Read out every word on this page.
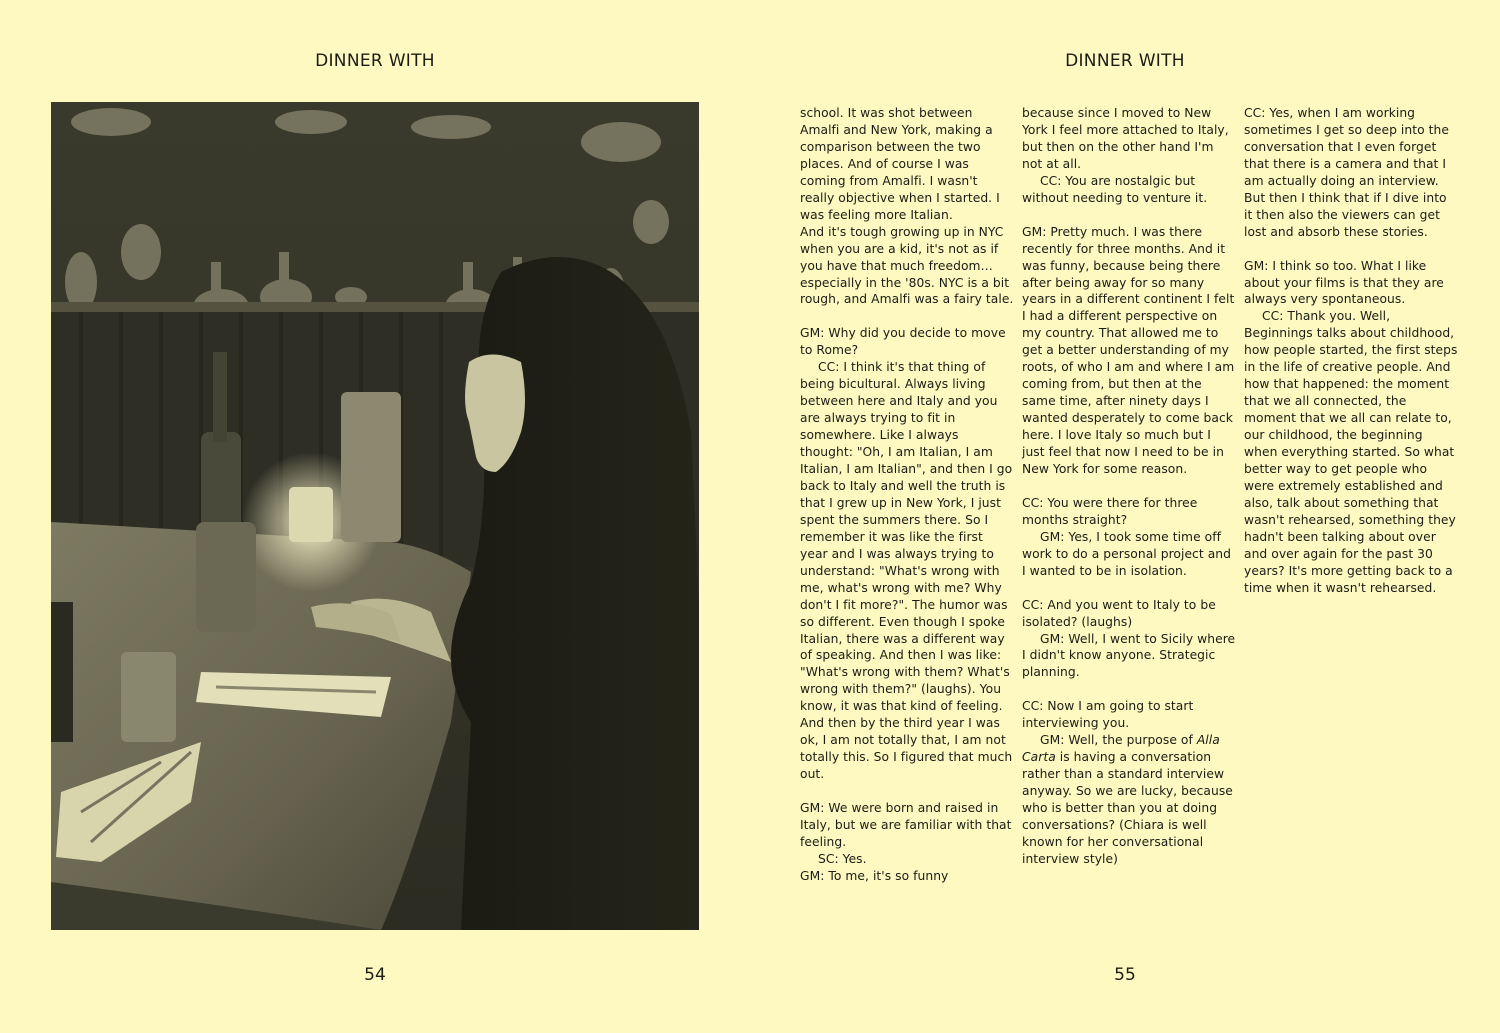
DINNER WITH
54
DINNER WITH

school. It was shot between Amalfi and New York, making a comparison between the two places. And of course I was coming from Amalfi. I wasn't really objective when I started. I was feeling more Italian.

And it's tough growing up in NYC when you are a kid, it's not as if you have that much freedom… especially in the '80s. NYC is a bit rough, and Amalfi was a fairy tale.

GM: Why did you decide to move to Rome?

CC: I think it's that thing of being bicultural. Always living between here and Italy and you are always trying to fit in somewhere. Like I always thought: "Oh, I am Italian, I am Italian, I am Italian", and then I go back to Italy and well the truth is that I grew up in New York, I just spent the summers there. So I remember it was like the first year and I was always trying to understand: "What's wrong with me, what's wrong with me? Why don't I fit more?". The humor was so different. Even though I spoke Italian, there was a different way of speaking. And then I was like: "What's wrong with them? What's wrong with them?" (laughs). You know, it was that kind of feeling. And then by the third year I was ok, I am not totally that, I am not totally this. So I figured that much out.

GM: We were born and raised in Italy, but we are familiar with that feeling.

SC: Yes.

GM: To me, it's so funny

because since I moved to New York I feel more attached to Italy, but then on the other hand I'm not at all.

CC: You are nostalgic but without needing to venture it.

GM: Pretty much. I was there recently for three months. And it was funny, because being there after being away for so many years in a different continent I felt I had a different perspective on my country. That allowed me to get a better understanding of my roots, of who I am and where I am coming from, but then at the same time, after ninety days I wanted desperately to come back here. I love Italy so much but I just feel that now I need to be in New York for some reason.

CC: You were there for three months straight?

GM: Yes, I took some time off work to do a personal project and I wanted to be in isolation.

CC: And you went to Italy to be isolated? (laughs)

GM: Well, I went to Sicily where I didn't know anyone. Strategic planning.

CC: Now I am going to start interviewing you.

GM: Well, the purpose of Alla Carta is having a conversation rather than a standard interview anyway. So we are lucky, because who is better than you at doing conversations? (Chiara is well known for her conversational interview style)

CC: Yes, when I am working sometimes I get so deep into the conversation that I even forget that there is a camera and that I am actually doing an interview. But then I think that if I dive into it then also the viewers can get lost and absorb these stories.

GM: I think so too. What I like about your films is that they are always very spontaneous.

CC: Thank you. Well, Beginnings talks about childhood, how people started, the first steps in the life of creative people. And how that happened: the moment that we all connected, the moment that we all can relate to, our childhood, the beginning when everything started. So what better way to get people who were extremely established and also, talk about something that wasn't rehearsed, something they hadn't been talking about over and over again for the past 30 years? It's more getting back to a time when it wasn't rehearsed.

55
